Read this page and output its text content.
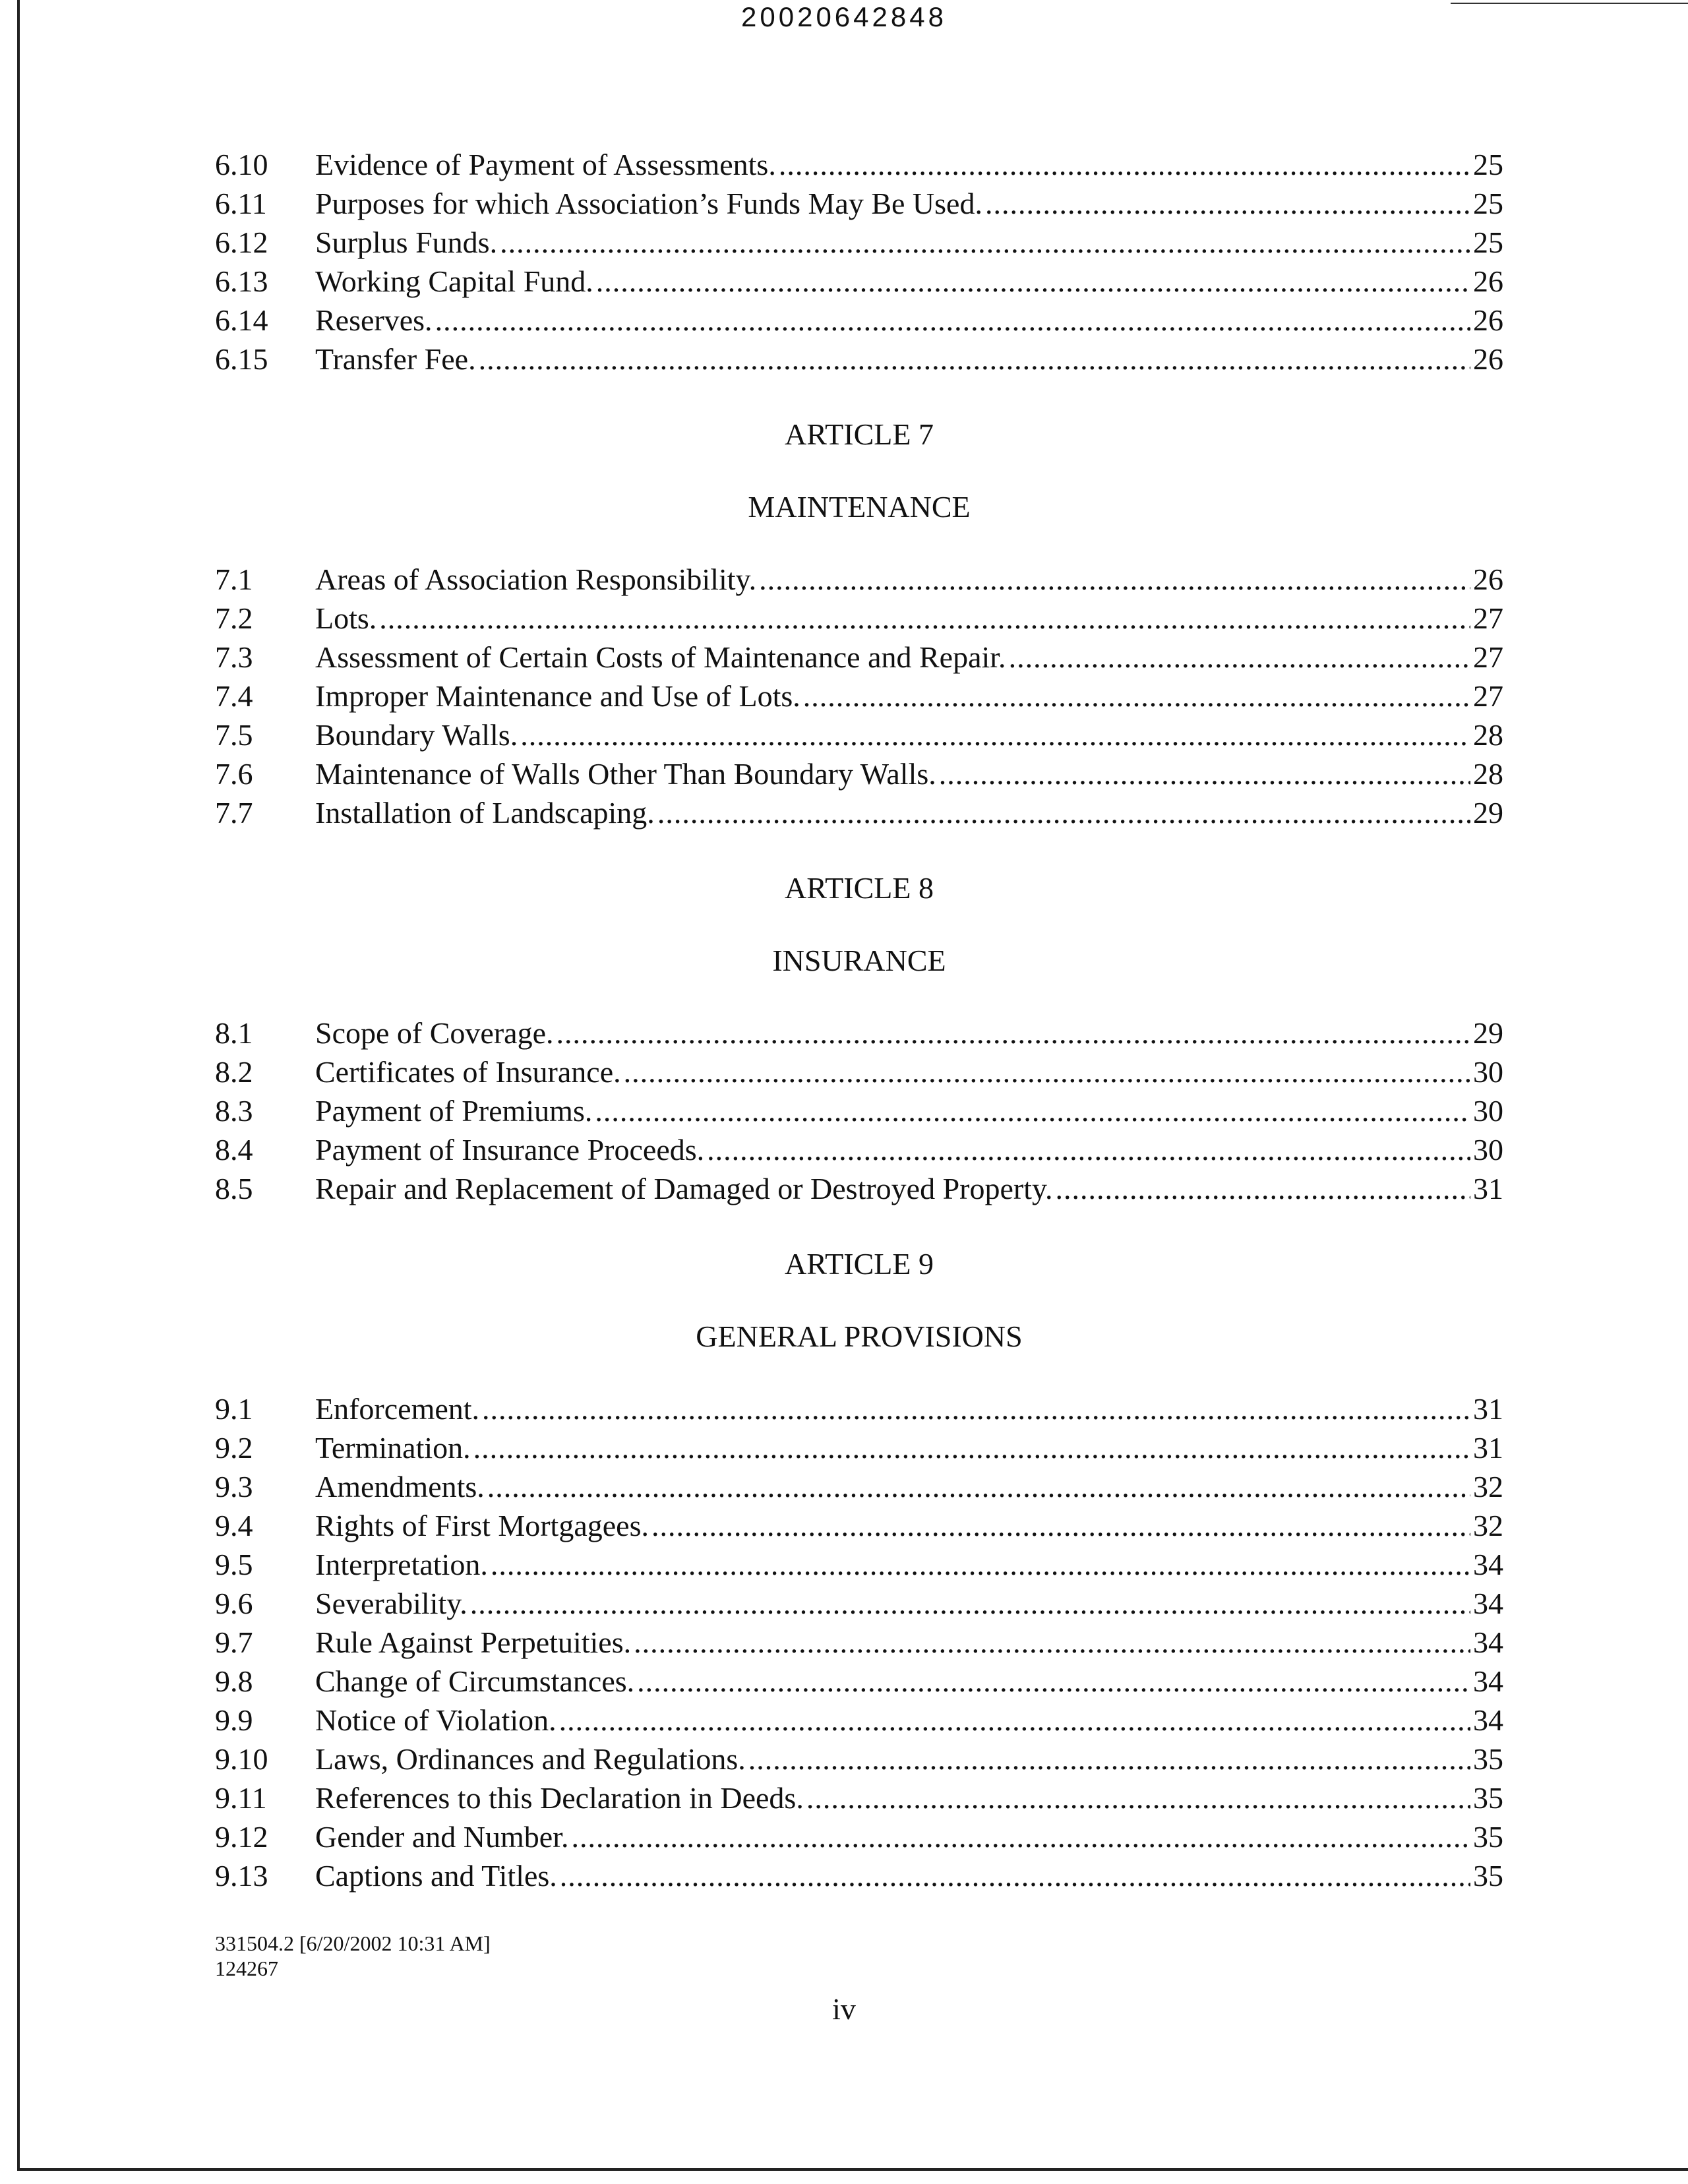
20020642848
6.10	Evidence of Payment of Assessments. .....	25
6.11	Purposes for which Association’s Funds May Be Used. .....	25
6.12	Surplus Funds. .....	25
6.13	Working Capital Fund. .....	26
6.14	Reserves. .....	26
6.15	Transfer Fee. .....	26
ARTICLE 7
MAINTENANCE
7.1	Areas of Association Responsibility. .....	26
7.2	Lots. .....	27
7.3	Assessment of Certain Costs of Maintenance and Repair. .....	27
7.4	Improper Maintenance and Use of Lots. .....	27
7.5	Boundary Walls. .....	28
7.6	Maintenance of Walls Other Than Boundary Walls. .....	28
7.7	Installation of Landscaping. .....	29
ARTICLE 8
INSURANCE
8.1	Scope of Coverage. .....	29
8.2	Certificates of Insurance. .....	30
8.3	Payment of Premiums. .....	30
8.4	Payment of Insurance Proceeds. .....	30
8.5	Repair and Replacement of Damaged or Destroyed Property. .....	31
ARTICLE 9
GENERAL PROVISIONS
9.1	Enforcement. .....	31
9.2	Termination. .....	31
9.3	Amendments. .....	32
9.4	Rights of First Mortgagees. .....	32
9.5	Interpretation. .....	34
9.6	Severability. .....	34
9.7	Rule Against Perpetuities. .....	34
9.8	Change of Circumstances. .....	34
9.9	Notice of Violation. .....	34
9.10	Laws, Ordinances and Regulations. .....	35
9.11	References to this Declaration in Deeds. .....	35
9.12	Gender and Number. .....	35
9.13	Captions and Titles. .....	35
331504.2 [6/20/2002 10:31 AM]
124267
iv
